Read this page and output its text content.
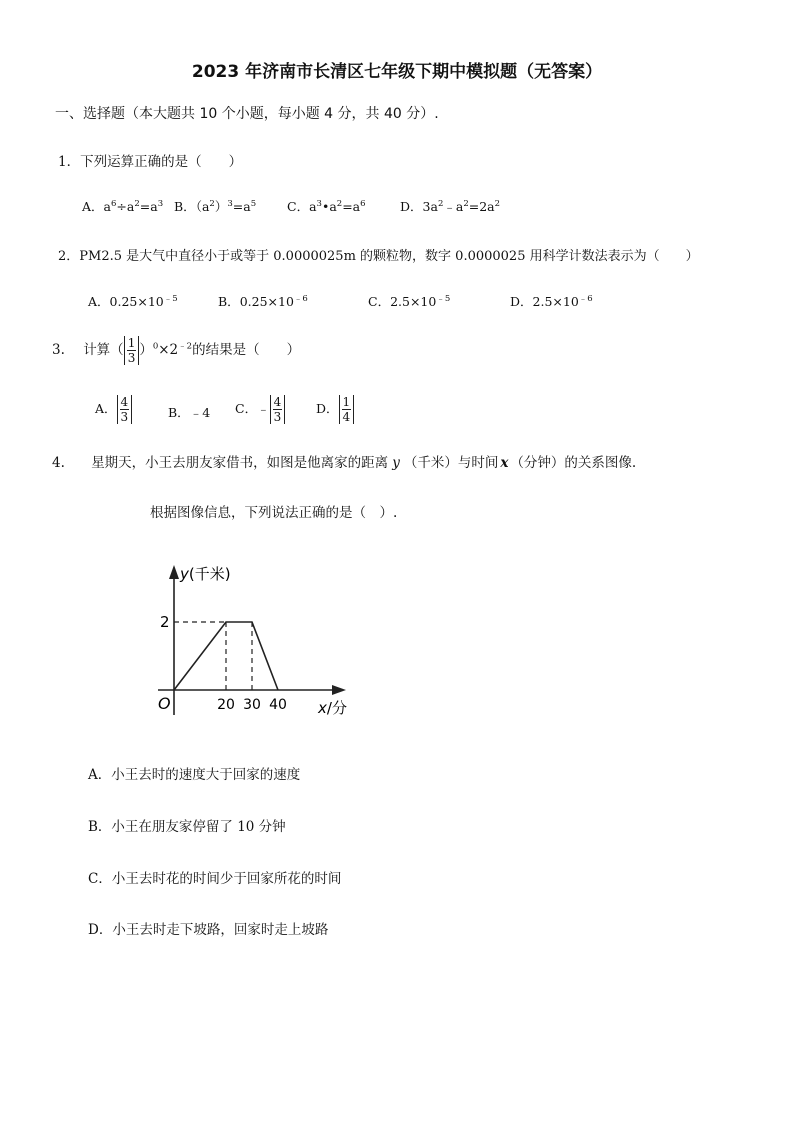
2023 年济南市长清区七年级下期中模拟题（无答案）
一、选择题（本大题共 10 个小题，每小题 4 分，共 40 分）.
1．下列运算正确的是（　　）
A．$a^6\div a^2=a^3$ B．$(a^2)^3=a^5$ C．$a^3•a^2=a^6$	D．$3a^2﹣a^2=2a^2$
2．PM2.5 是大气中直径小于或等于 0.0000025m 的颗粒物，数字 0.0000025 用科学计数法表示为（　　）
A．$0.25\times 10^{﹣5}$	B．$0.25\times 10^{﹣6}$	C．$2.5\times 10^{﹣5}$	D．$2.5\times 10^{﹣6}$
3. 计算（ $\frac{1}{3} )^0\times 2^{﹣2}$的结果是（　　）
A． $\frac{4}{3}$	B．﹣4 C．﹣ $\frac{4}{3}$ D． $\frac{1}{4}$
4. 星期天，小王去朋友家借书，如图是他离家的距离 y （千米）与时间 x （分钟）的关系图像.
根据图像信息，下列说法正确的是（　）.
y(千米)
x/分
O
2
20 30 40
A．小王去时的速度大于回家的速度
B．小王在朋友家停留了 10 分钟
C．小王去时花的时间少于回家所花的时间
D．小王去时走下坡路，回家时走上坡路
